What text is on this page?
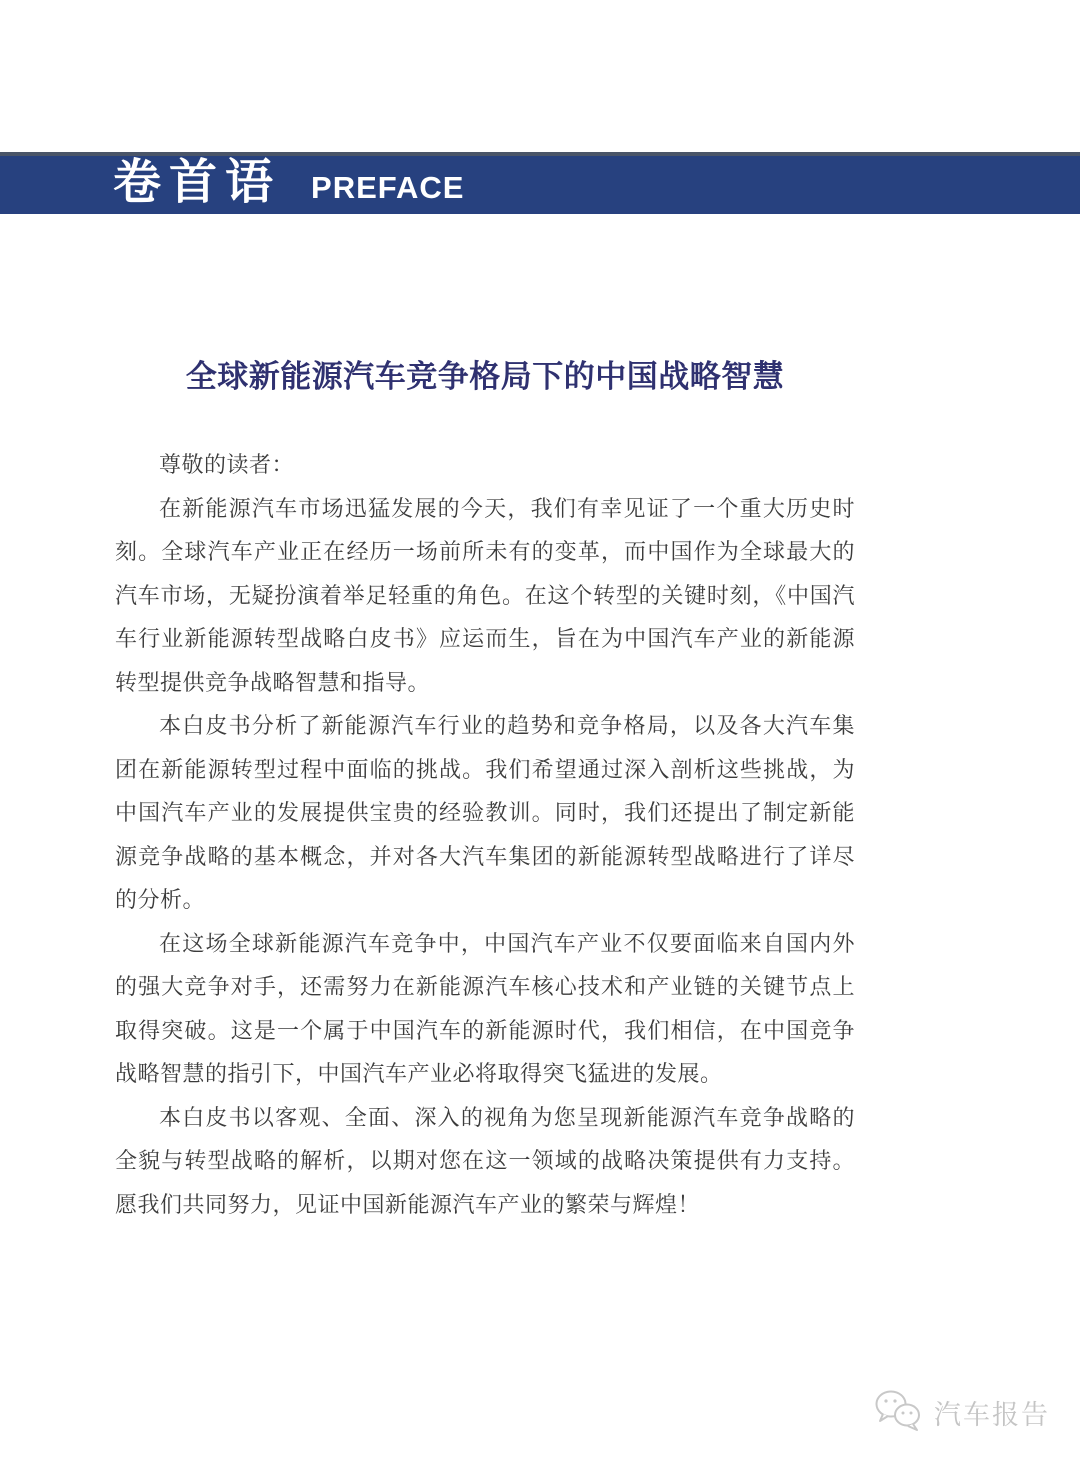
卷首语 PREFACE
全球新能源汽车竞争格局下的中国战略智慧

尊敬的读者：

在新能源汽车市场迅猛发展的今天，我们有幸见证了一个重大历史时刻。全球汽车产业正在经历一场前所未有的变革，而中国作为全球最大的汽车市场，无疑扮演着举足轻重的角色。在这个转型的关键时刻，《中国汽车行业新能源转型战略白皮书》应运而生，旨在为中国汽车产业的新能源转型提供竞争战略智慧和指导。

本白皮书分析了新能源汽车行业的趋势和竞争格局，以及各大汽车集团在新能源转型过程中面临的挑战。我们希望通过深入剖析这些挑战，为中国汽车产业的发展提供宝贵的经验教训。同时，我们还提出了制定新能源竞争战略的基本概念，并对各大汽车集团的新能源转型战略进行了详尽的分析。

在这场全球新能源汽车竞争中，中国汽车产业不仅要面临来自国内外的强大竞争对手，还需努力在新能源汽车核心技术和产业链的关键节点上取得突破。这是一个属于中国汽车的新能源时代，我们相信，在中国竞争战略智慧的指引下，中国汽车产业必将取得突飞猛进的发展。

本白皮书以客观、全面、深入的视角为您呈现新能源汽车竞争战略的全貌与转型战略的解析，以期对您在这一领域的战略决策提供有力支持。愿我们共同努力，见证中国新能源汽车产业的繁荣与辉煌！

汽车报告
